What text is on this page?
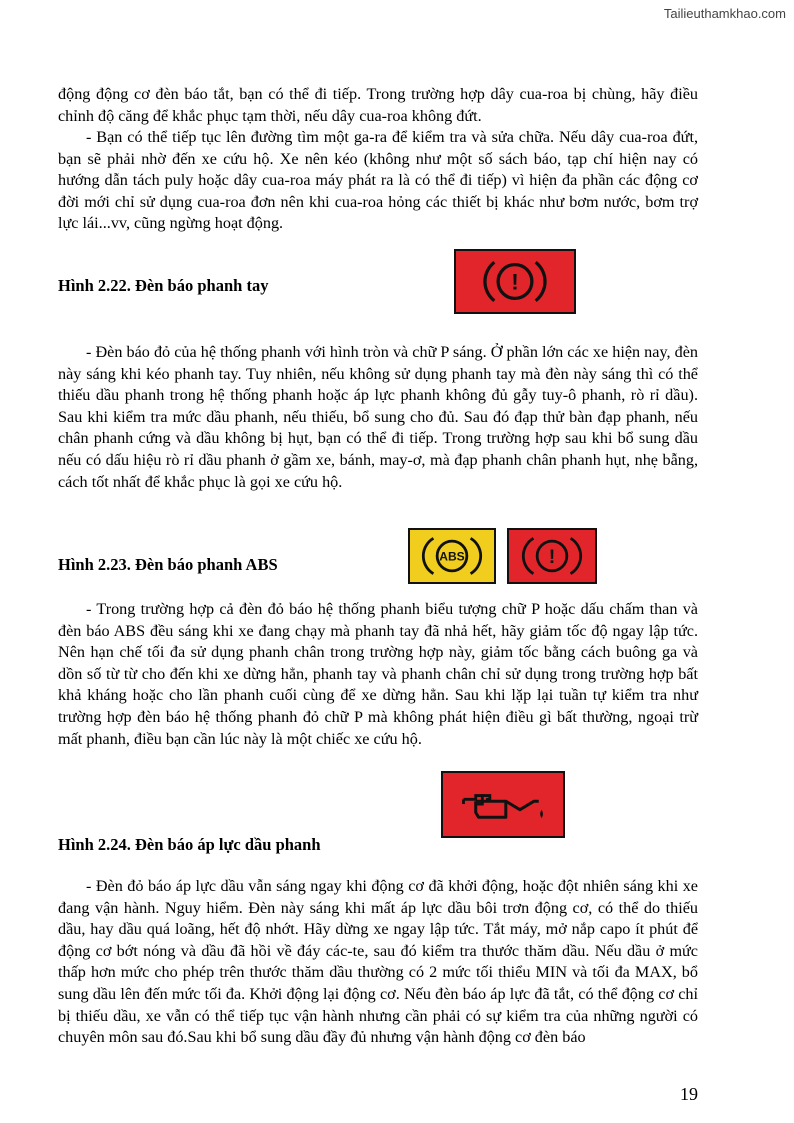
Tailieuthamkhao.com

động động cơ đèn báo tắt, bạn có thể đi tiếp. Trong trường hợp dây cua-roa bị chùng, hãy điều chỉnh độ căng để khắc phục tạm thời, nếu dây cua-roa không đứt.

- Bạn có thể tiếp tục lên đường tìm một ga-ra để kiểm tra và sửa chữa. Nếu dây cua-roa đứt, bạn sẽ phải nhờ đến xe cứu hộ. Xe nên kéo (không như một số sách báo, tạp chí hiện nay có hướng dẫn tách puly hoặc dây cua-roa máy phát ra là có thể đi tiếp) vì hiện đa phần các động cơ đời mới chỉ sử dụng cua-roa đơn nên khi cua-roa hỏng các thiết bị khác như bơm nước, bơm trợ lực lái...vv, cũng ngừng hoạt động.

Hình 2.22. Đèn báo phanh tay	!

- Đèn báo đỏ của hệ thống phanh với hình tròn và chữ P sáng. Ở phần lớn các xe hiện nay, đèn này sáng khi kéo phanh tay. Tuy nhiên, nếu không sử dụng phanh tay mà đèn này sáng thì có thể thiếu dầu phanh trong hệ thống phanh hoặc áp lực phanh không đủ gẫy tuy-ô phanh, rò rỉ dầu). Sau khi kiểm tra mức dầu phanh, nếu thiếu, bổ sung cho đủ. Sau đó đạp thử bàn đạp phanh, nếu chân phanh cứng và dầu không bị hụt, bạn có thể đi tiếp. Trong trường hợp sau khi bổ sung dầu nếu có dấu hiệu rò rỉ dầu phanh ở gầm xe, bánh, may-ơ, mà đạp phanh chân phanh hụt, nhẹ bẫng, cách tốt nhất để khắc phục là gọi xe cứu hộ.

Hình 2.23. Đèn báo phanh ABS	ABS	!

- Trong trường hợp cả đèn đỏ báo hệ thống phanh biểu tượng chữ P hoặc dấu chấm than và đèn báo ABS đều sáng khi xe đang chạy mà phanh tay đã nhả hết, hãy giảm tốc độ ngay lập tức. Nên hạn chế tối đa sử dụng phanh chân trong trường hợp này, giảm tốc bằng cách buông ga và dồn số từ từ cho đến khi xe dừng hẳn, phanh tay và phanh chân chỉ sử dụng trong trường hợp bất khả kháng hoặc cho lần phanh cuối cùng để xe dừng hẳn. Sau khi lặp lại tuần tự kiểm tra như trường hợp đèn báo hệ thống phanh đỏ chữ P mà không phát hiện điều gì bất thường, ngoại trừ mất phanh, điều bạn cần lúc này là một chiếc xe cứu hộ.

Hình 2.24. Đèn báo áp lực dầu phanh

- Đèn đỏ báo áp lực dầu vẫn sáng ngay khi động cơ đã khởi động, hoặc đột nhiên sáng khi xe đang vận hành. Nguy hiểm. Đèn này sáng khi mất áp lực dầu bôi trơn động cơ, có thể do thiếu dầu, hay dầu quá loãng, hết độ nhớt. Hãy dừng xe ngay lập tức. Tắt máy, mở nắp capo ít phút để động cơ bớt nóng và dầu đã hồi về đáy các-te, sau đó kiểm tra thước thăm dầu. Nếu dầu ở mức thấp hơn mức cho phép trên thước thăm dầu thường có 2 mức tối thiểu MIN và tối đa MAX, bổ sung dầu lên đến mức tối đa. Khởi động lại động cơ. Nếu đèn báo áp lực đã tắt, có thể động cơ chỉ bị thiếu dầu, xe vẫn có thể tiếp tục vận hành nhưng cần phải có sự kiểm tra của những người có chuyên môn sau đó.Sau khi bổ sung dầu đầy đủ nhưng vận hành động cơ đèn báo

19
